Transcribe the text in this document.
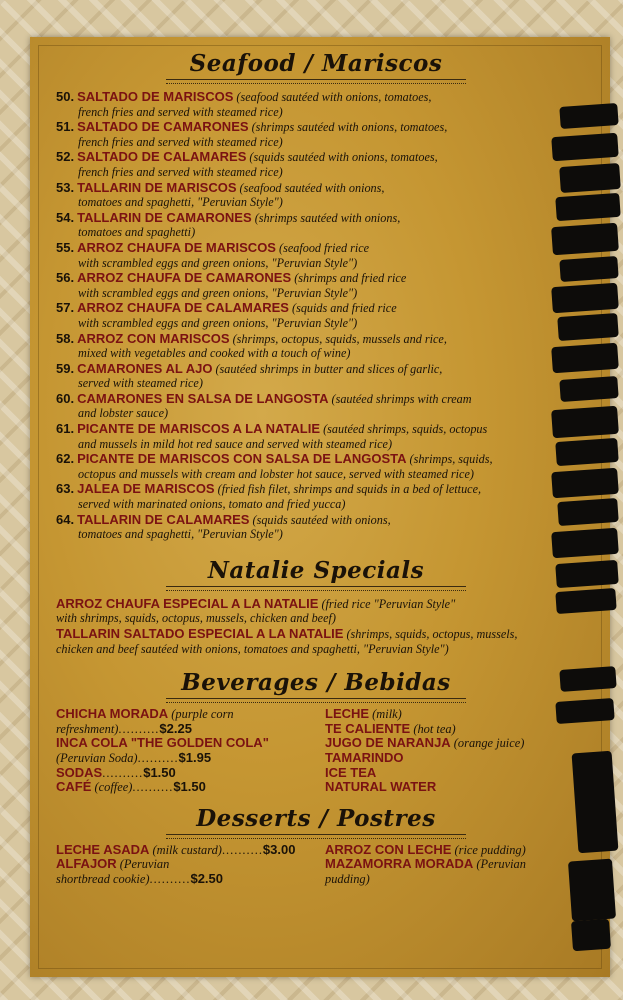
Seafood / Mariscos
50. SALTADO DE MARISCOS (seafood sautéed with onions, tomatoes,
french fries and served with steamed rice)
51. SALTADO DE CAMARONES (shrimps sautéed with onions, tomatoes,
french fries and served with steamed rice)
52. SALTADO DE CALAMARES (squids sautéed with onions, tomatoes,
french fries and served with steamed rice)
53. TALLARIN DE MARISCOS (seafood sautéed with onions,
tomatoes and spaghetti, "Peruvian Style")
54. TALLARIN DE CAMARONES (shrimps sautéed with onions,
tomatoes and spaghetti)
55. ARROZ CHAUFA DE MARISCOS (seafood fried rice
with scrambled eggs and green onions, "Peruvian Style")
56. ARROZ CHAUFA DE CAMARONES (shrimps and fried rice
with scrambled eggs and green onions, "Peruvian Style")
57. ARROZ CHAUFA DE CALAMARES (squids and fried rice
with scrambled eggs and green onions, "Peruvian Style")
58. ARROZ CON MARISCOS (shrimps, octopus, squids, mussels and rice,
mixed with vegetables and cooked with a touch of wine)
59. CAMARONES AL AJO (sautéed shrimps in butter and slices of garlic,
served with steamed rice)
60. CAMARONES EN SALSA DE LANGOSTA (sautéed shrimps with cream
and lobster sauce)
61. PICANTE DE MARISCOS A LA NATALIE (sautéed shrimps, squids, octopus
and mussels in mild hot red sauce and served with steamed rice)
62. PICANTE DE MARISCOS CON SALSA DE LANGOSTA (shrimps, squids,
octopus and mussels with cream and lobster hot sauce, served with steamed rice)
63. JALEA DE MARISCOS (fried fish filet, shrimps and squids in a bed of lettuce,
served with marinated onions, tomato and fried yucca)
64. TALLARIN DE CALAMARES (squids sautéed with onions,
tomatoes and spaghetti, "Peruvian Style")
Natalie Specials
ARROZ CHAUFA ESPECIAL A LA NATALIE (fried rice "Peruvian Style"
with shrimps, squids, octopus, mussels, chicken and beef)
TALLARIN SALTADO ESPECIAL A LA NATALIE (shrimps, squids, octopus, mussels,
chicken and beef sautéed with onions, tomatoes and spaghetti, "Peruvian Style")
Beverages / Bebidas
CHICHA MORADA (purple corn
refreshment)..........$2.25
INCA COLA "THE GOLDEN COLA"
(Peruvian Soda)..........$1.95
SODAS..........$1.50
CAFÉ (coffee)..........$1.50
LECHE (milk)
TE CALIENTE (hot tea)
JUGO DE NARANJA (orange juice)
TAMARINDO
ICE TEA
NATURAL WATER
Desserts / Postres
LECHE ASADA (milk custard)..........$3.00
ALFAJOR (Peruvian
shortbread cookie)..........$2.50
ARROZ CON LECHE (rice pudding)
MAZAMORRA MORADA (Peruvian
pudding)
